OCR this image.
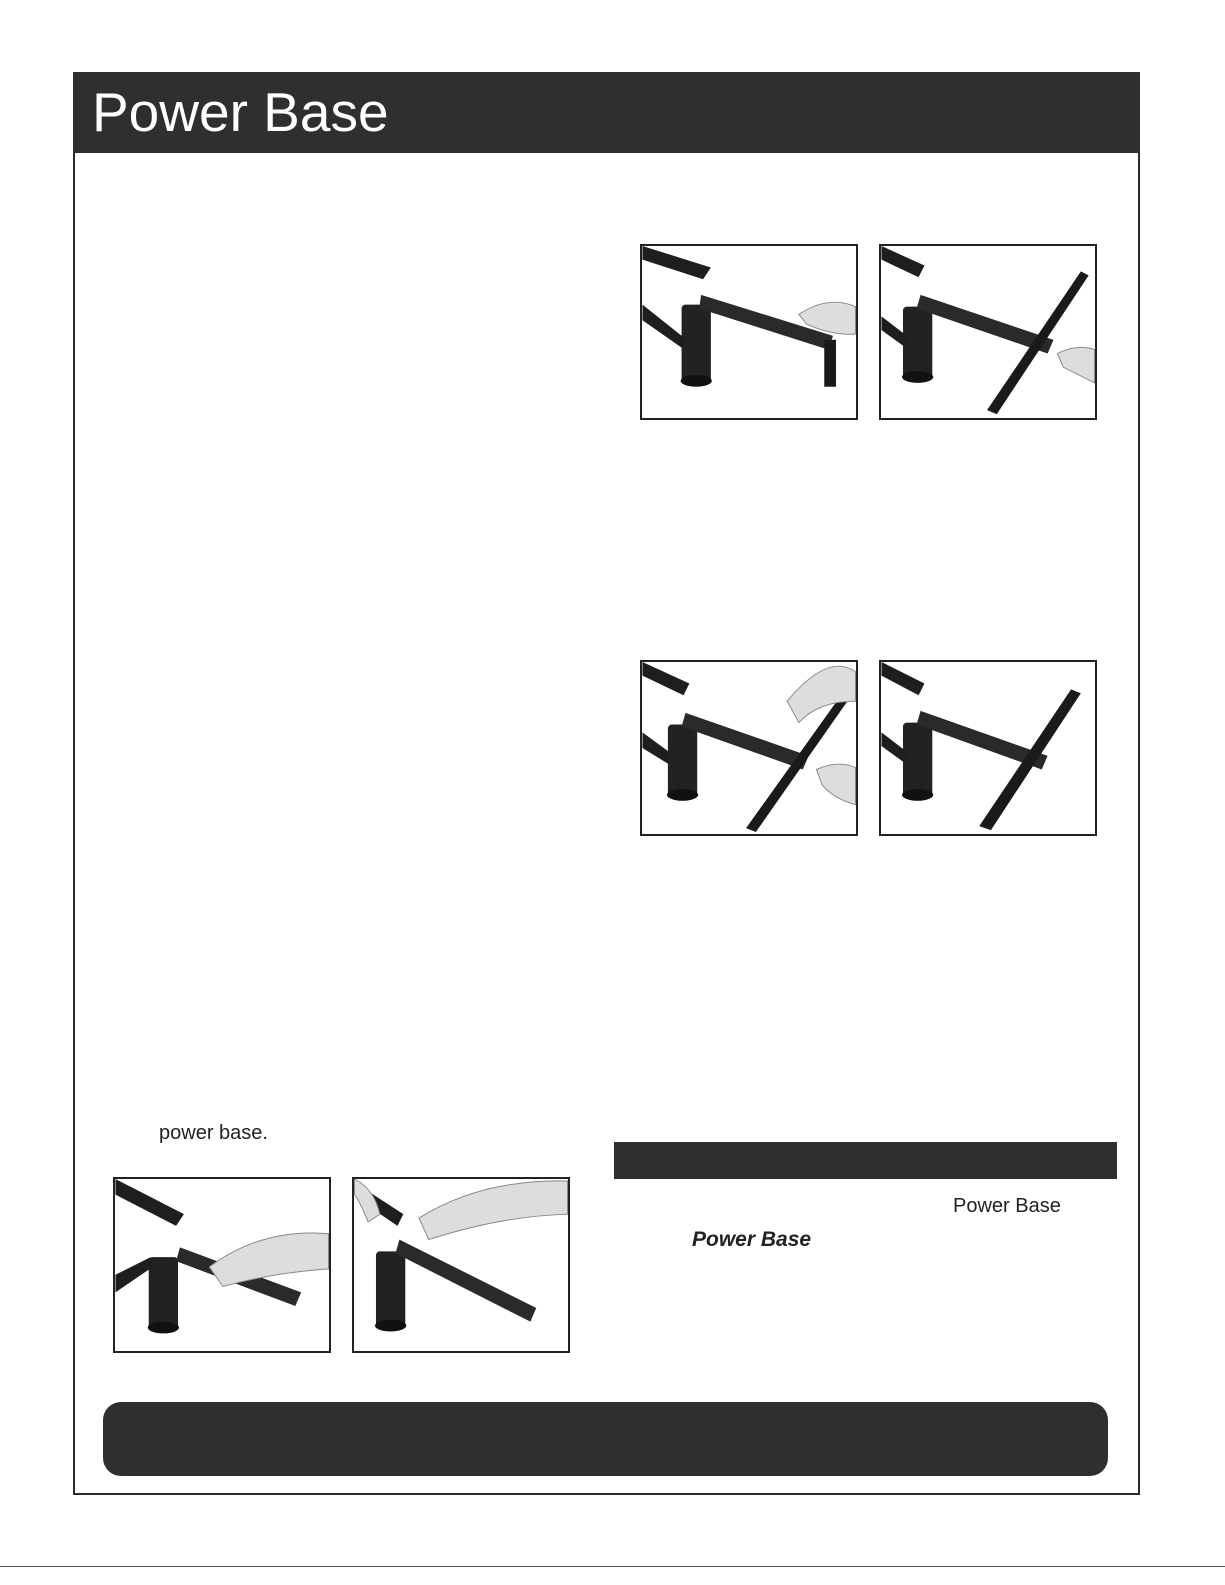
Power Base
power base.
Power Base
Power Base
